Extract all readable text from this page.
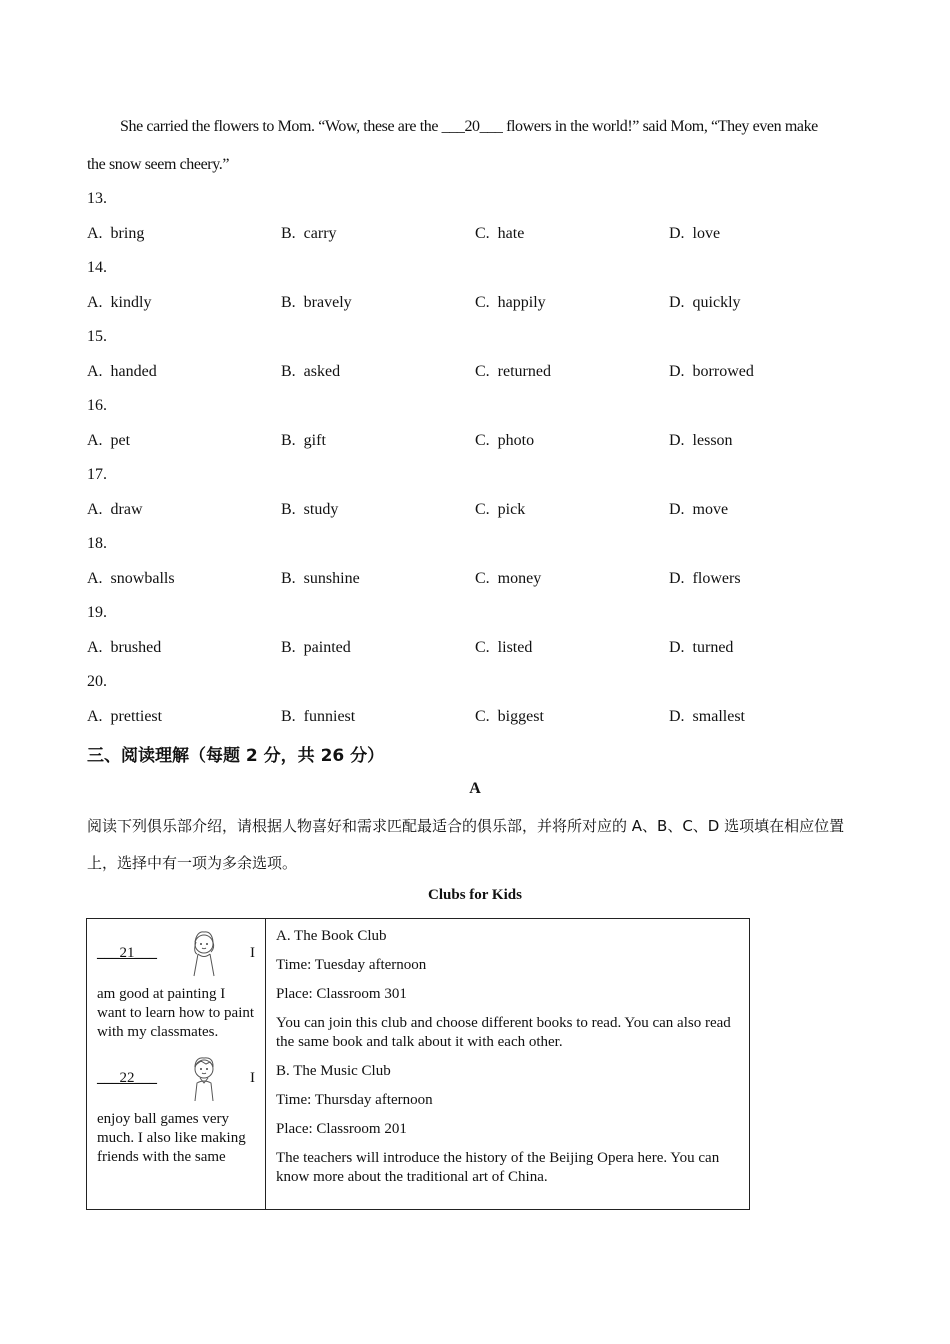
She carried the flowers to Mom. “Wow, these are the ___20___ flowers in the world!” said Mom, “They even make
the snow seem cheery.”
13.
A.  bring	B.  carry	C.  hate	D.  love
14.
A.  kindly	B.  bravely	C.  happily	D.  quickly
15.
A.  handed	B.  asked	C.  returned	D.  borrowed
16.
A.  pet	B.  gift	C.  photo	D.  lesson
17.
A.  draw	B.  study	C.  pick	D.  move
18.
A.  snowballs	B.  sunshine	C.  money	D.  flowers
19.
A.  brushed	B.  painted	C.  listed	D.  turned
20.
A.  prettiest	B.  funniest	C.  biggest	D.  smallest
三、阅读理解（每题 2 分，共 26 分）
A
阅读下列俱乐部介绍，请根据人物喜好和需求匹配最适合的俱乐部，并将所对应的 A、B、C、D 选项填在相应位置上，选择中有一项为多余选项。
Clubs for Kids
___21___	I
am good at painting I want to learn how to paint with my classmates.
___22___	I
enjoy ball games very much. I also like making friends with the same

A. The Book Club
Time: Tuesday afternoon
Place: Classroom 301
You can join this club and choose different books to read. You can also read the same book and talk about it with each other.
B. The Music Club
Time: Thursday afternoon
Place: Classroom 201
The teachers will introduce the history of the Beijing Opera here. You can know more about the traditional art of China.
